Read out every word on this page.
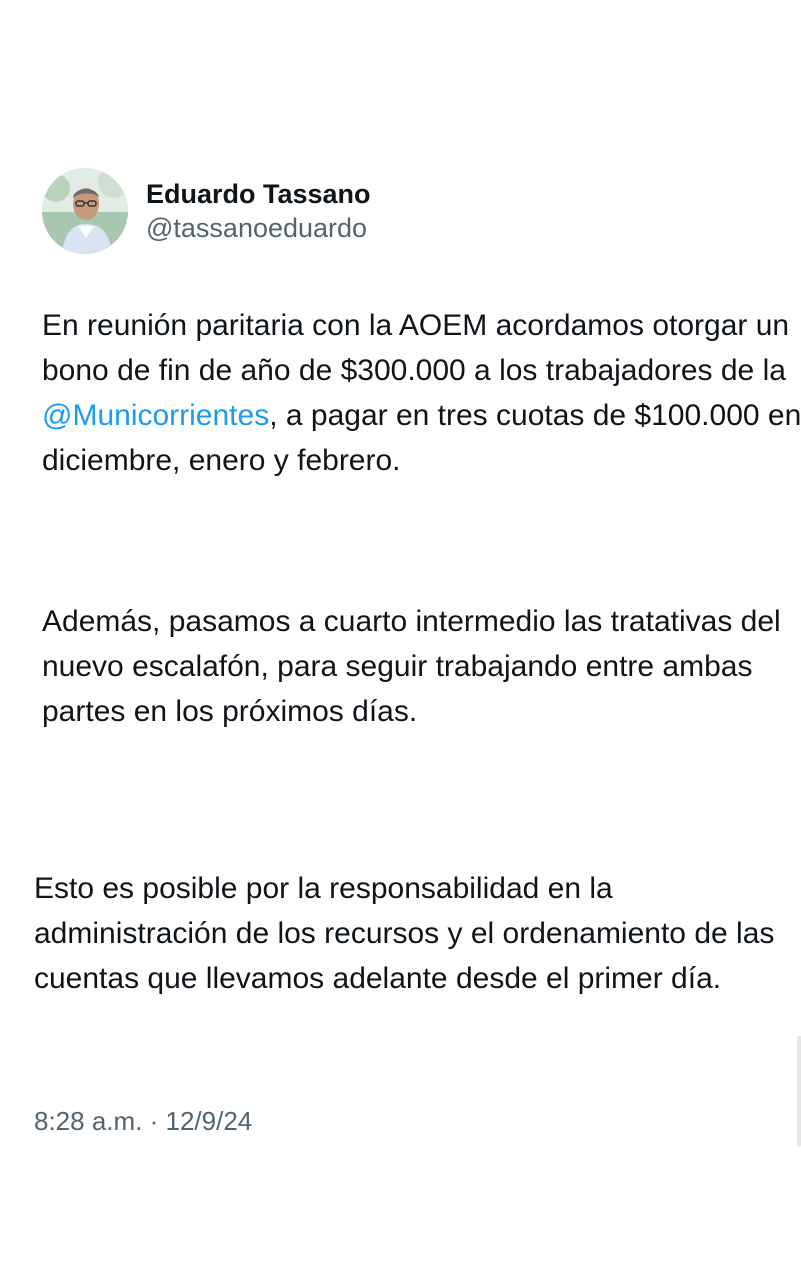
Eduardo Tassano
@tassanoeduardo

En reunión paritaria con la AOEM acordamos otorgar un bono de fin de año de $300.000 a los trabajadores de la @Municorrientes, a pagar en tres cuotas de $100.000 en diciembre, enero y febrero.

Además, pasamos a cuarto intermedio las tratativas del nuevo escalafón, para seguir trabajando entre ambas partes en los próximos días.

Esto es posible por la responsabilidad en la administración de los recursos y el ordenamiento de las cuentas que llevamos adelante desde el primer día.

8:28 a.m. · 12/9/24
